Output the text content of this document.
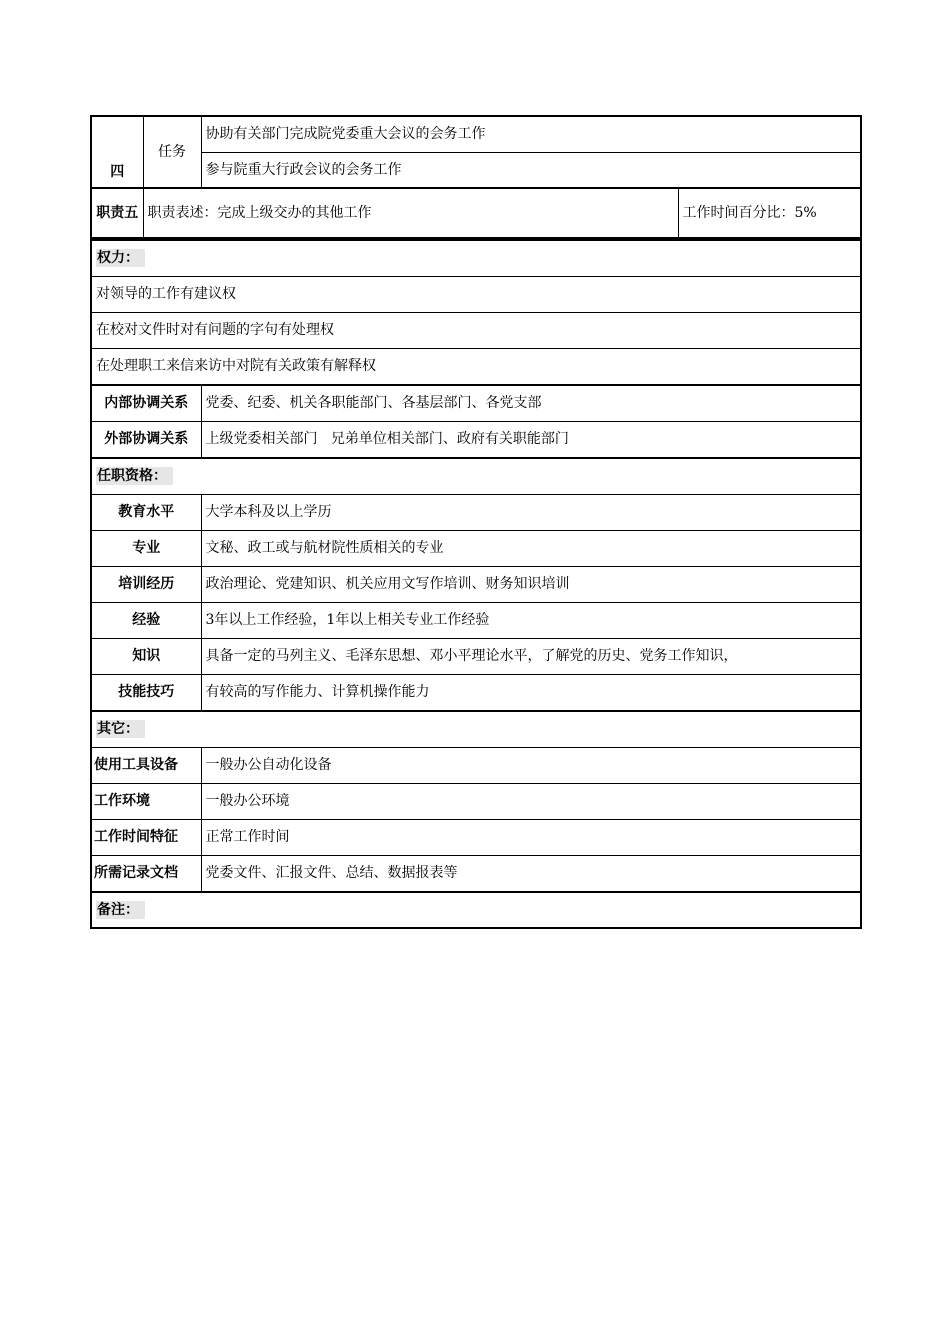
四	任务	协助有关部门完成院党委重大会议的会务工作	
		参与院重大行政会议的会务工作	
职责五	职责表述：完成上级交办的其他工作		工作时间百分比：5%
权力：	
对领导的工作有建议权	
在校对文件时对有问题的字句有处理权	
在处理职工来信来访中对院有关政策有解释权	
内部协调关系	党委、纪委、机关各职能部门、各基层部门、各党支部
外部协调关系	上级党委相关部门   兄弟单位相关部门、政府有关职能部门
任职资格：	
教育水平	大学本科及以上学历
专业	文秘、政工或与航材院性质相关的专业
培训经历	政治理论、党建知识、机关应用文写作培训、财务知识培训
经验	3年以上工作经验，1年以上相关专业工作经验
知识	具备一定的马列主义、毛泽东思想、邓小平理论水平，了解党的历史、党务工作知识，
技能技巧	有较高的写作能力、计算机操作能力
其它：	
使用工具设备	一般办公自动化设备
工作环境	一般办公环境
工作时间特征	正常工作时间
所需记录文档	党委文件、汇报文件、总结、数据报表等
备注：	
